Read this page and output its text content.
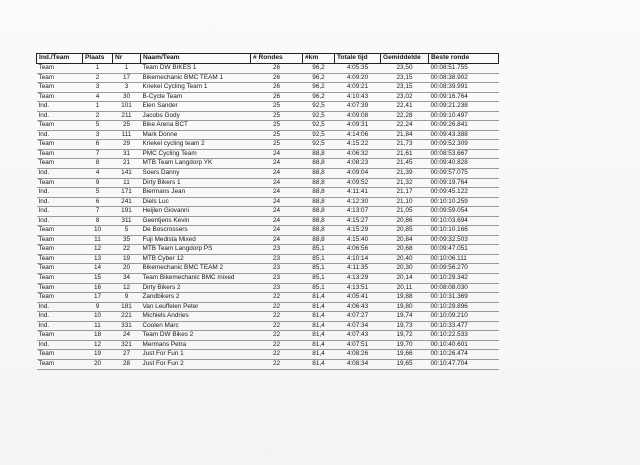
Ind./Team	Plaats	Nr	Naam/Team	# Rondes	#km	Totale tijd	Gemiddelde	Beste ronde
Team	1	1	Team DW BIKES 1	26	96,2	4:05:35	23,50	00:08:51.755
Team	2	17	Bikemechanic BMC TEAM 1	26	96,2	4:09:20	23,15	00:08:38.902
Team	3	3	Kriekel Cycling Team 1	26	96,2	4:09:21	23,15	00:08:39.991
Team	4	30	B-Cycle Team	26	96,2	4:10:43	23,02	00:09:16.764
Ind.	1	101	Elen Sander	25	92,5	4:07:39	22,41	00:09:21.238
Ind.	2	211	Jacobs Gody	25	92,5	4:09:08	22,28	00:09:10.497
Team	5	25	Bike Arena BCT	25	92,5	4:09:31	22,24	00:09:26.841
Ind.	3	111	Mark Donne	25	92,5	4:14:06	21,84	00:09:43.388
Team	6	29	Kriekel cycling team 2	25	92,5	4:15:22	21,73	00:09:52.309
Team	7	31	PMC Cycling Team	24	88,8	4:06:32	21,61	00:08:53.667
Team	8	21	MTB Team Langdorp YK	24	88,8	4:08:23	21,45	00:09:40.828
Ind.	4	141	Soers Danny	24	88,8	4:09:04	21,39	00:09:57.075
Team	9	11	Dirty Bikers 1	24	88,8	4:09:52	21,32	00:09:19.764
Ind.	5	171	Biermans Jean	24	88,8	4:11:41	21,17	00:09:45.122
Ind.	6	241	Diels Luc	24	88,8	4:12:30	21,10	00:10:10.259
Ind.	7	191	Heijlen Giovanni	24	88,8	4:13:07	21,05	00:09:59.054
Ind.	8	311	Geentjens Kevin	24	88,8	4:15:27	20,86	00:10:03.694
Team	10	5	De Boscrossers	24	88,8	4:15:29	20,85	00:10:10.166
Team	11	35	Fuji Medista Mixed	24	88,8	4:15:40	20,84	00:09:32.503
Team	12	22	MTB Team Langdorp PS	23	85,1	4:06:56	20,68	00:09:47.051
Team	13	19	MTB Cyber 12	23	85,1	4:10:14	20,40	00:10:06.111
Team	14	20	Bikemechanic BMC TEAM 2	23	85,1	4:11:35	20,30	00:09:56.270
Team	15	34	Team Bikemechanic BMC mixed	23	85,1	4:13:29	20,14	00:10:29.342
Team	16	12	Dirty Bikers 2	23	85,1	4:13:51	20,11	00:08:08.030
Team	17	9	Zandbikers 2	22	81,4	4:05:41	19,88	00:10:31.369
Ind.	9	181	Van Leuffelen Peter	22	81,4	4:06:43	19,80	00:10:29.896
Ind.	10	221	Michiels Andries	22	81,4	4:07:27	19,74	00:10:09.210
Ind.	11	331	Coolen Marc	22	81,4	4:07:34	19,73	00:10:33.477
Team	18	24	Team DW Bikes 2	22	81,4	4:07:43	19,72	00:10:22.533
Ind.	12	321	Mermans Petra	22	81,4	4:07:51	19,70	00:10:40.601
Team	19	27	Just For Fun 1	22	81,4	4:08:26	19,66	00:10:26.474
Team	20	28	Just For Fun 2	22	81,4	4:08:34	19,65	00:10:47.704
